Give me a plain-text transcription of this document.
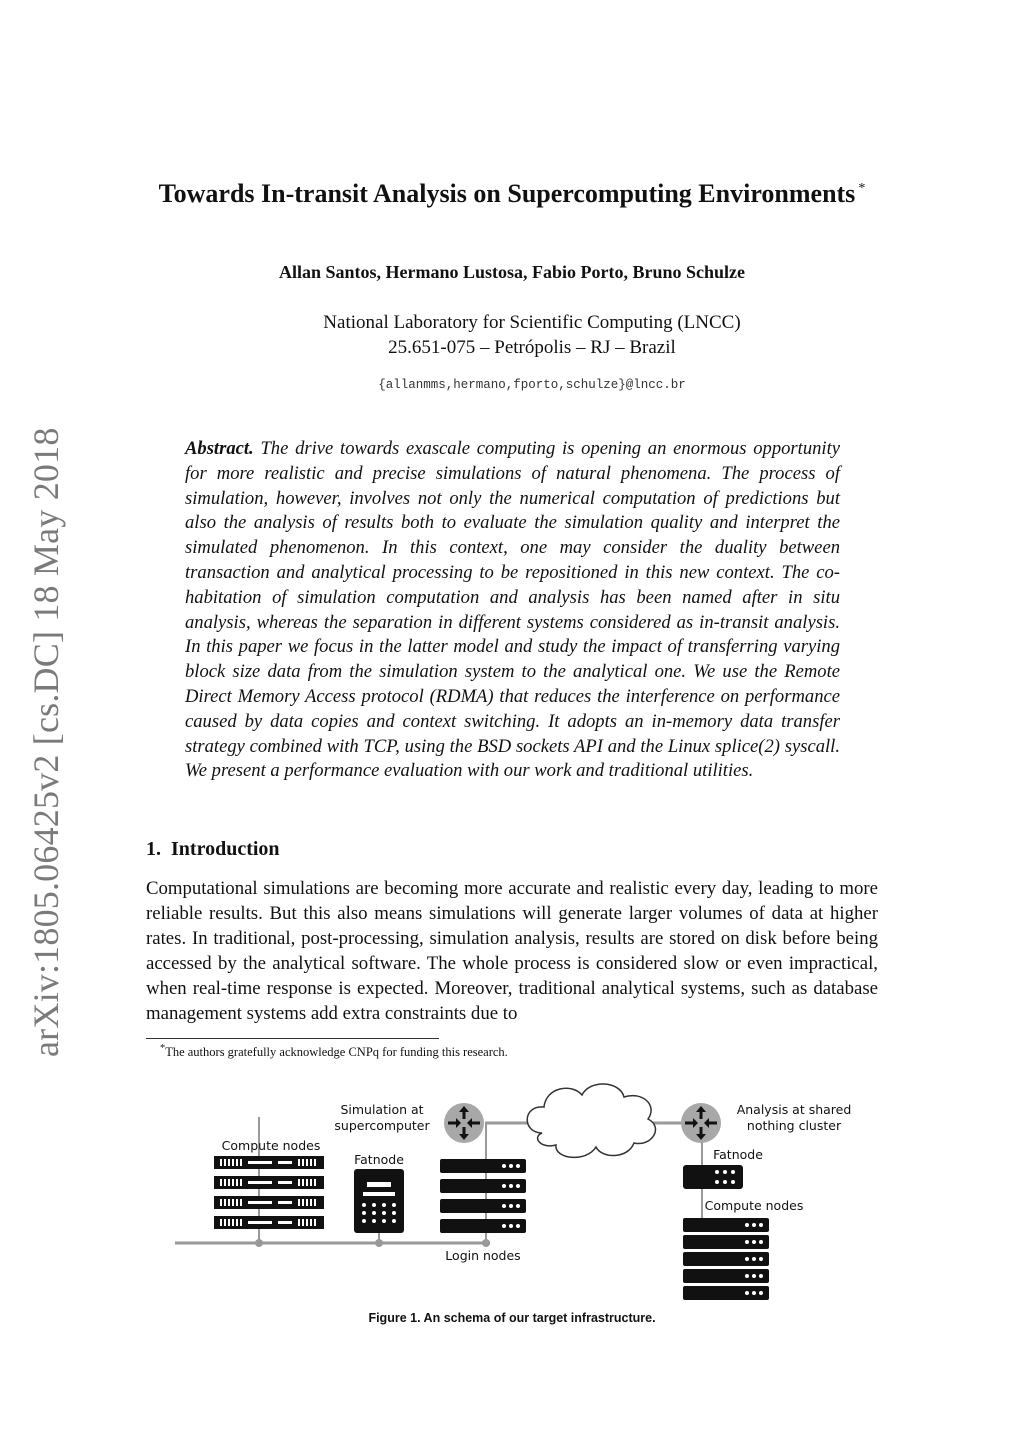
arXiv:1805.06425v2 [cs.DC] 18 May 2018
Towards In-transit Analysis on Supercomputing Environments *
Allan Santos, Hermano Lustosa, Fabio Porto, Bruno Schulze
National Laboratory for Scientific Computing (LNCC)
25.651-075 – Petrópolis – RJ – Brazil
{allanmms,hermano,fporto,schulze}@lncc.br
Abstract. The drive towards exascale computing is opening an enormous opportunity for more realistic and precise simulations of natural phenomena. The process of simulation, however, involves not only the numerical computation of predictions but also the analysis of results both to evaluate the simulation quality and interpret the simulated phenomenon. In this context, one may consider the duality between transaction and analytical processing to be repositioned in this new context. The co-habitation of simulation computation and analysis has been named after in situ analysis, whereas the separation in different systems considered as in-transit analysis. In this paper we focus in the latter model and study the impact of transferring varying block size data from the simulation system to the analytical one. We use the Remote Direct Memory Access protocol (RDMA) that reduces the interference on performance caused by data copies and context switching. It adopts an in-memory data transfer strategy combined with TCP, using the BSD sockets API and the Linux splice(2) syscall. We present a performance evaluation with our work and traditional utilities.
1. Introduction
Computational simulations are becoming more accurate and realistic every day, leading to more reliable results. But this also means simulations will generate larger volumes of data at higher rates. In traditional, post-processing, simulation analysis, results are stored on disk before being accessed by the analytical software. The whole process is considered slow or even impractical, when real-time response is expected. Moreover, traditional analytical systems, such as database management systems add extra constraints due to
*The authors gratefully acknowledge CNPq for funding this research.
Compute nodes
Simulation at
supercomputer
Fatnode
Login nodes
Analysis at shared
nothing cluster
Fatnode
Compute nodes
Figure 1. An schema of our target infrastructure.
